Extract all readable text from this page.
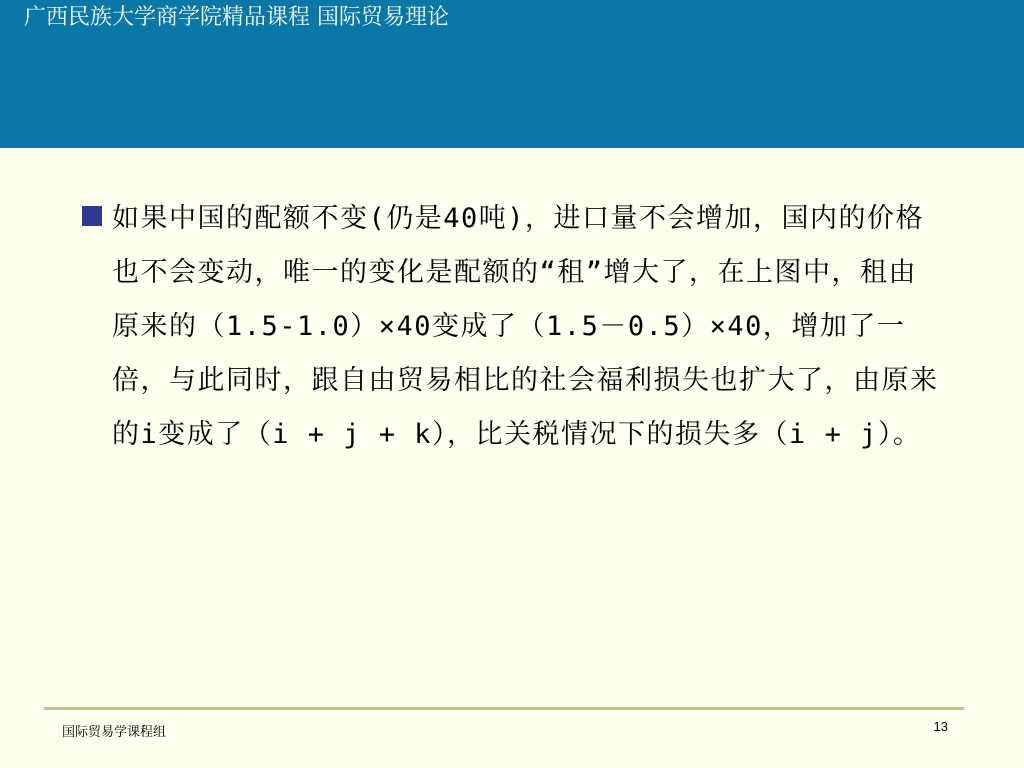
广西民族大学商学院精品课程 国际贸易理论
如果中国的配额不变(仍是40吨)，进口量不会增加，国内的价格也不会变动，唯一的变化是配额的“租”增大了，在上图中，租由原来的（1.5-1.0）×40变成了（1.5－0.5）×40，增加了一倍，与此同时，跟自由贸易相比的社会福利损失也扩大了，由原来的i变成了（i + j + k），比关税情况下的损失多（i + j）。
国际贸易学课程组	13
